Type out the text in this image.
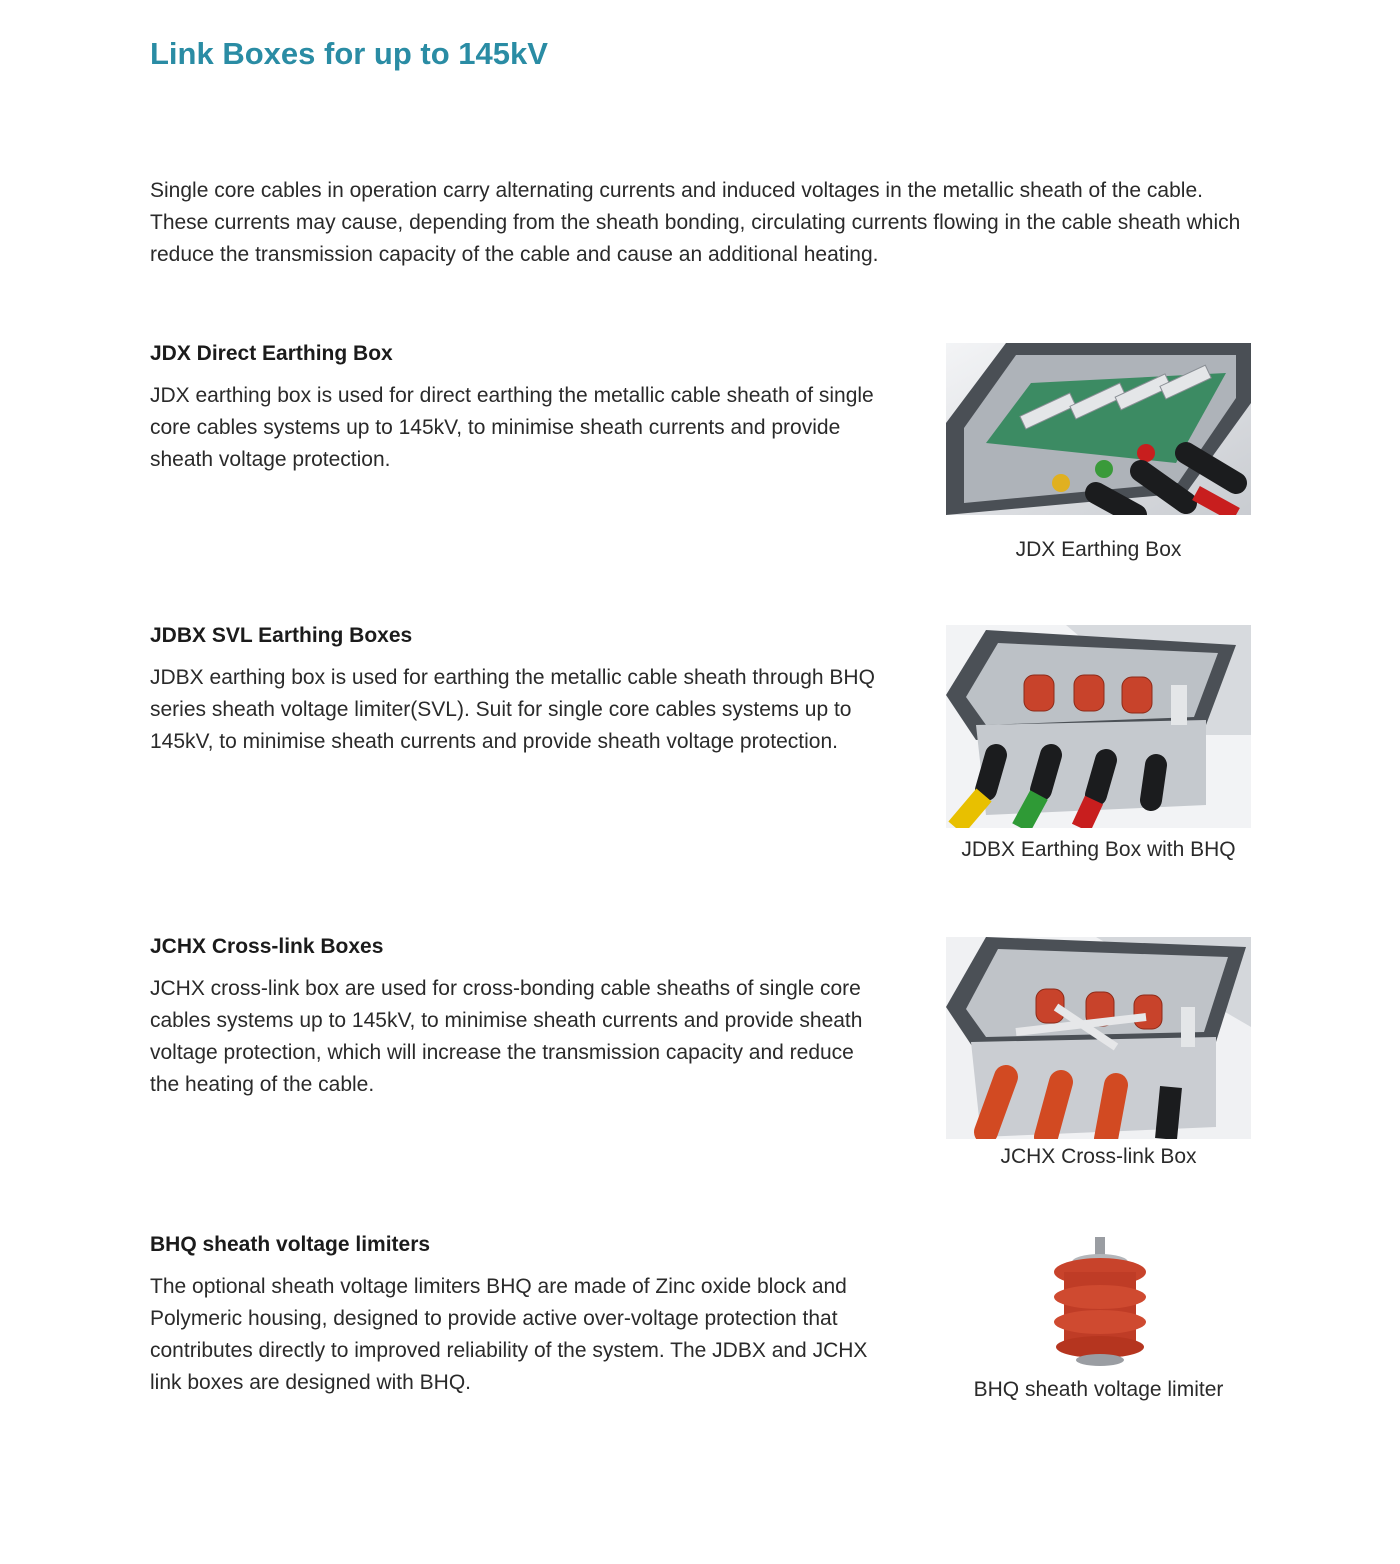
Link Boxes for up to 145kV

Single core cables in operation carry alternating currents and induced voltages in the metallic sheath of the cable. These currents may cause, depending from the sheath bonding, circulating currents flowing in the cable sheath which reduce the transmission capacity of the cable and cause an additional heating.

JDX Direct Earthing Box

JDX earthing box is used for direct earthing the metallic cable sheath of single core cables systems up to 145kV, to minimise sheath currents and provide sheath voltage protection.

JDX Earthing Box

JDBX SVL Earthing Boxes

JDBX earthing box is used for earthing the metallic cable sheath through BHQ series sheath voltage limiter(SVL). Suit for single core cables systems up to 145kV, to minimise sheath currents and provide sheath voltage protection.

JDBX Earthing Box with BHQ

JCHX Cross-link Boxes

JCHX cross-link box are used for cross-bonding cable sheaths of single core cables systems up to 145kV, to minimise sheath currents and provide sheath voltage protection, which will increase the transmission capacity and reduce the heating of the cable.

JCHX Cross-link Box

BHQ sheath voltage limiters

The optional sheath voltage limiters BHQ are made of Zinc oxide block and Polymeric housing, designed to provide active over-voltage protection that contributes directly to improved reliability of the system. The JDBX and JCHX link boxes are designed with BHQ.	BHQ sheath voltage limiter
